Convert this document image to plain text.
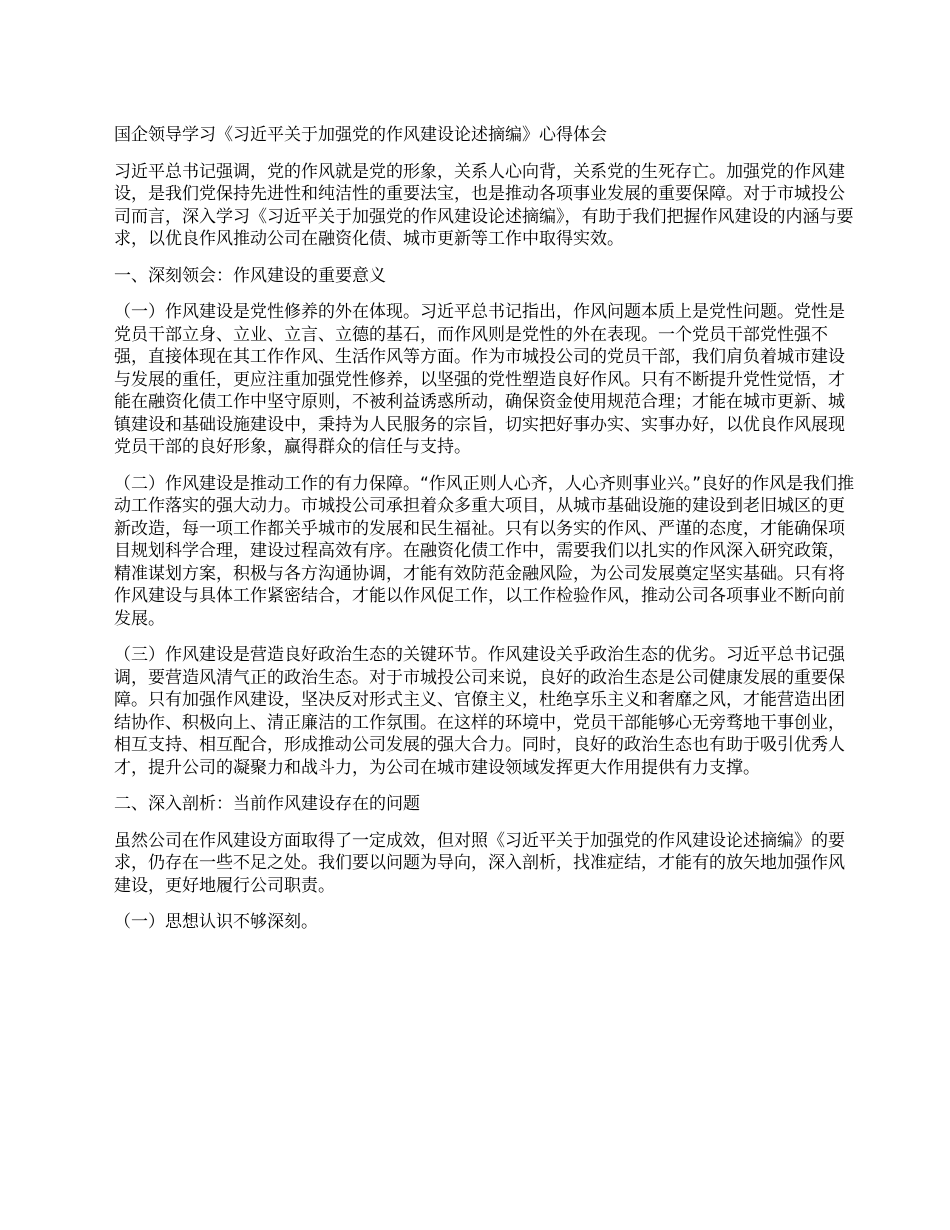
国企领导学习《习近平关于加强党的作风建设论述摘编》心得体会

习近平总书记强调，党的作风就是党的形象，关系人心向背，关系党的生死存亡。加强党的作风建设，是我们党保持先进性和纯洁性的重要法宝，也是推动各项事业发展的重要保障。对于市城投公司而言，深入学习《习近平关于加强党的作风建设论述摘编》，有助于我们把握作风建设的内涵与要求，以优良作风推动公司在融资化债、城市更新等工作中取得实效。

一、深刻领会：作风建设的重要意义

（一）作风建设是党性修养的外在体现。习近平总书记指出，作风问题本质上是党性问题。党性是党员干部立身、立业、立言、立德的基石，而作风则是党性的外在表现。一个党员干部党性强不强，直接体现在其工作作风、生活作风等方面。作为市城投公司的党员干部，我们肩负着城市建设与发展的重任，更应注重加强党性修养，以坚强的党性塑造良好作风。只有不断提升党性觉悟，才能在融资化债工作中坚守原则，不被利益诱惑所动，确保资金使用规范合理；才能在城市更新、城镇建设和基础设施建设中，秉持为人民服务的宗旨，切实把好事办实、实事办好，以优良作风展现党员干部的良好形象，赢得群众的信任与支持。

（二）作风建设是推动工作的有力保障。“作风正则人心齐，人心齐则事业兴。”良好的作风是我们推动工作落实的强大动力。市城投公司承担着众多重大项目，从城市基础设施的建设到老旧城区的更新改造，每一项工作都关乎城市的发展和民生福祉。只有以务实的作风、严谨的态度，才能确保项目规划科学合理，建设过程高效有序。在融资化债工作中，需要我们以扎实的作风深入研究政策，精准谋划方案，积极与各方沟通协调，才能有效防范金融风险，为公司发展奠定坚实基础。只有将作风建设与具体工作紧密结合，才能以作风促工作，以工作检验作风，推动公司各项事业不断向前发展。

（三）作风建设是营造良好政治生态的关键环节。作风建设关乎政治生态的优劣。习近平总书记强调，要营造风清气正的政治生态。对于市城投公司来说，良好的政治生态是公司健康发展的重要保障。只有加强作风建设，坚决反对形式主义、官僚主义，杜绝享乐主义和奢靡之风，才能营造出团结协作、积极向上、清正廉洁的工作氛围。在这样的环境中，党员干部能够心无旁骛地干事创业，相互支持、相互配合，形成推动公司发展的强大合力。同时，良好的政治生态也有助于吸引优秀人才，提升公司的凝聚力和战斗力，为公司在城市建设领域发挥更大作用提供有力支撑。

二、深入剖析：当前作风建设存在的问题

虽然公司在作风建设方面取得了一定成效，但对照《习近平关于加强党的作风建设论述摘编》的要求，仍存在一些不足之处。我们要以问题为导向，深入剖析，找准症结，才能有的放矢地加强作风建设，更好地履行公司职责。

（一）思想认识不够深刻。
